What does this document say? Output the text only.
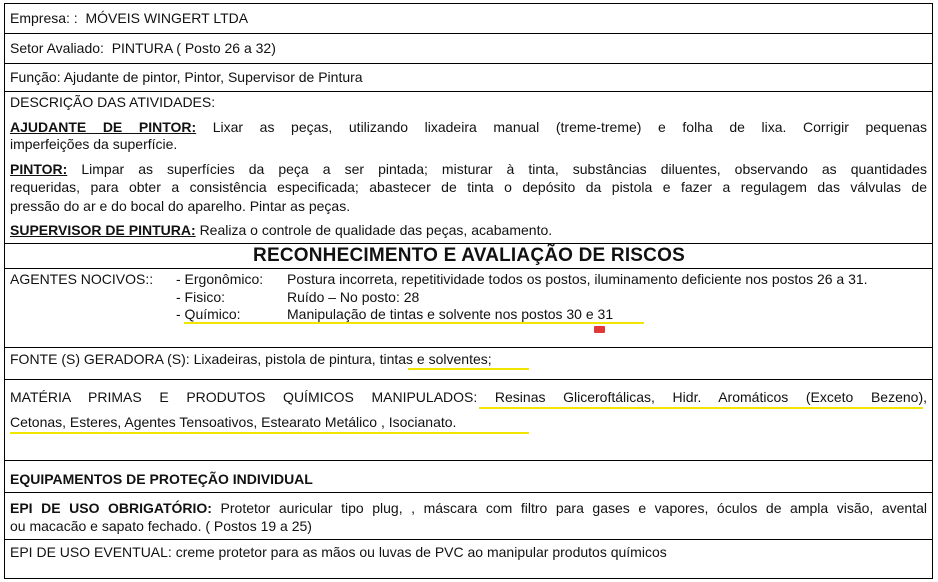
Empresa: : MÓVEIS WINGERT LTDA
Setor Avaliado: PINTURA ( Posto 26 a 32)
Função: Ajudante de pintor, Pintor, Supervisor de Pintura
DESCRIÇÃO DAS ATIVIDADES:
AJUDANTE DE PINTOR: Lixar as peças, utilizando lixadeira manual (treme-treme) e folha de lixa. Corrigir pequenas
imperfeições da superfície.
PINTOR: Limpar as superfícies da peça a ser pintada; misturar à tinta, substâncias diluentes, observando as quantidades
requeridas, para obter a consistência especificada; abastecer de tinta o depósito da pistola e fazer a regulagem das válvulas de
pressão do ar e do bocal do aparelho. Pintar as peças.
SUPERVISOR DE PINTURA: Realiza o controle de qualidade das peças, acabamento.
RECONHECIMENTO E AVALIAÇÃO DE RISCOS
AGENTES NOCIVOS:: - Ergonômico: Postura incorreta, repetitividade todos os postos, iluminamento deficiente nos postos 26 a 31.
- Fisico:	Ruído – No posto: 28
- Químico:	Manipulação de tintas e solvente nos postos 30 e 31
FONTE (S) GERADORA (S): Lixadeiras, pistola de pintura, tintas e solventes;
MATÉRIA PRIMAS E PRODUTOS QUÍMICOS MANIPULADOS: Resinas Gliceroftálicas, Hidr. Aromáticos (Exceto Bezeno),
Cetonas, Esteres, Agentes Tensoativos, Estearato Metálico , Isocianato.
EQUIPAMENTOS DE PROTEÇÃO INDIVIDUAL
EPI DE USO OBRIGATÓRIO: Protetor auricular tipo plug, , máscara com filtro para gases e vapores, óculos de ampla visão, avental
ou macacão e sapato fechado. ( Postos 19 a 25)
EPI DE USO EVENTUAL: creme protetor para as mãos ou luvas de PVC ao manipular produtos químicos
